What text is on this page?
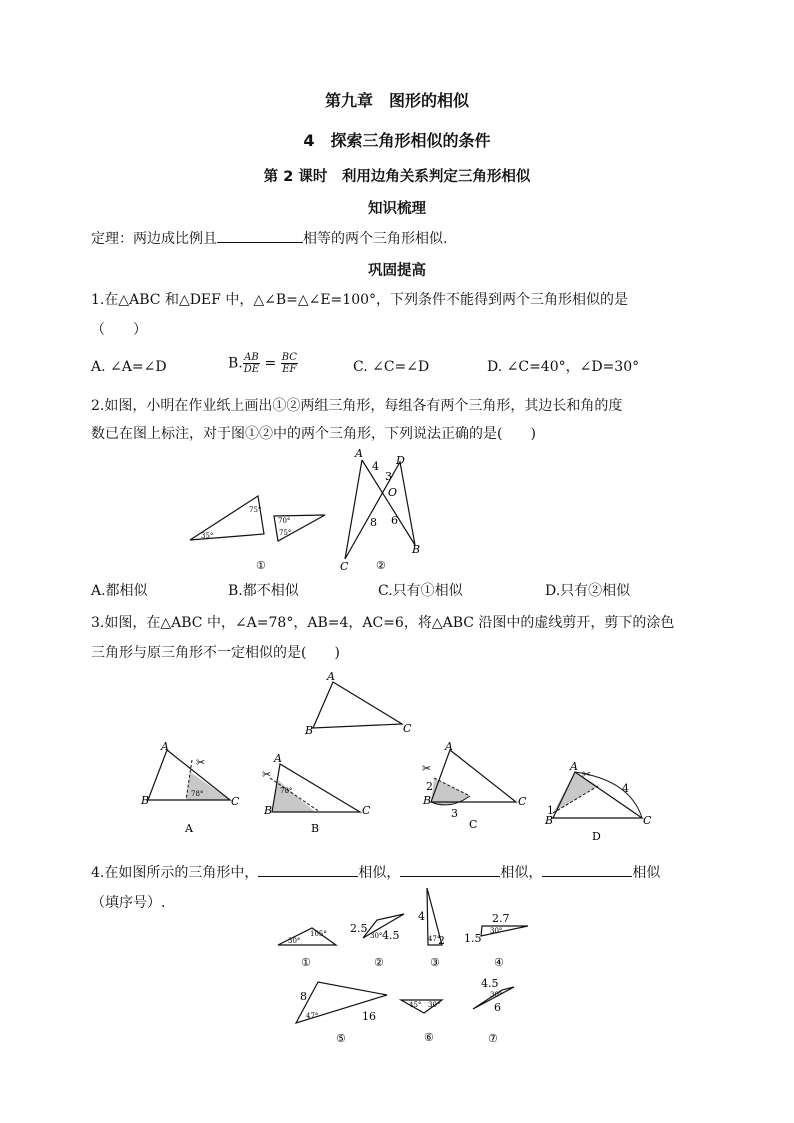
第九章　图形的相似
4　探索三角形相似的条件
第 2 课时　利用边角关系判定三角形相似
知识梳理
定理：两边成比例且	相等的两个三角形相似.
巩固提高
1.在△ABC 和△DEF 中，△∠B=△∠E=100°，下列条件不能得到两个三角形相似的是
（　　）
A. ∠A=∠D	B. $\frac{AB}{DE} = \frac{BC}{EF}$	C. ∠C=∠D	D. ∠C=40°，∠D=30°
2.如图，小明在作业纸上画出①②两组三角形，每组各有两个三角形，其边长和角的度
数已在图上标注，对于图①②中的两个三角形，下列说法正确的是(　　)
75°
35°
70°
75°
①
A
D
O
C
B
4
3
8 6
②
A.都相似	B.都不相似	C.只有①相似	D.只有②相似
3.如图，在△ABC 中，∠A=78°，AB=4，AC=6，将△ABC 沿图中的虚线剪开，剪下的涂色
三角形与原三角形不一定相似的是(　　)
A
B	C
✂
A
B	C
78°
A
✂
A
B	C
78°
B
✂
A
B	C
2
3
C
✂
A
B	C
1
4
D
4.在如图所示的三角形中，	相似，	相似，	相似
（填序号）.
30°
105°
①
2.5
4.5
30°
②
4
2
47°
③
2.7
1.5
30°
④
8
16
47°
⑤
45° 30°
⑥
4.5
6
30°
⑦
